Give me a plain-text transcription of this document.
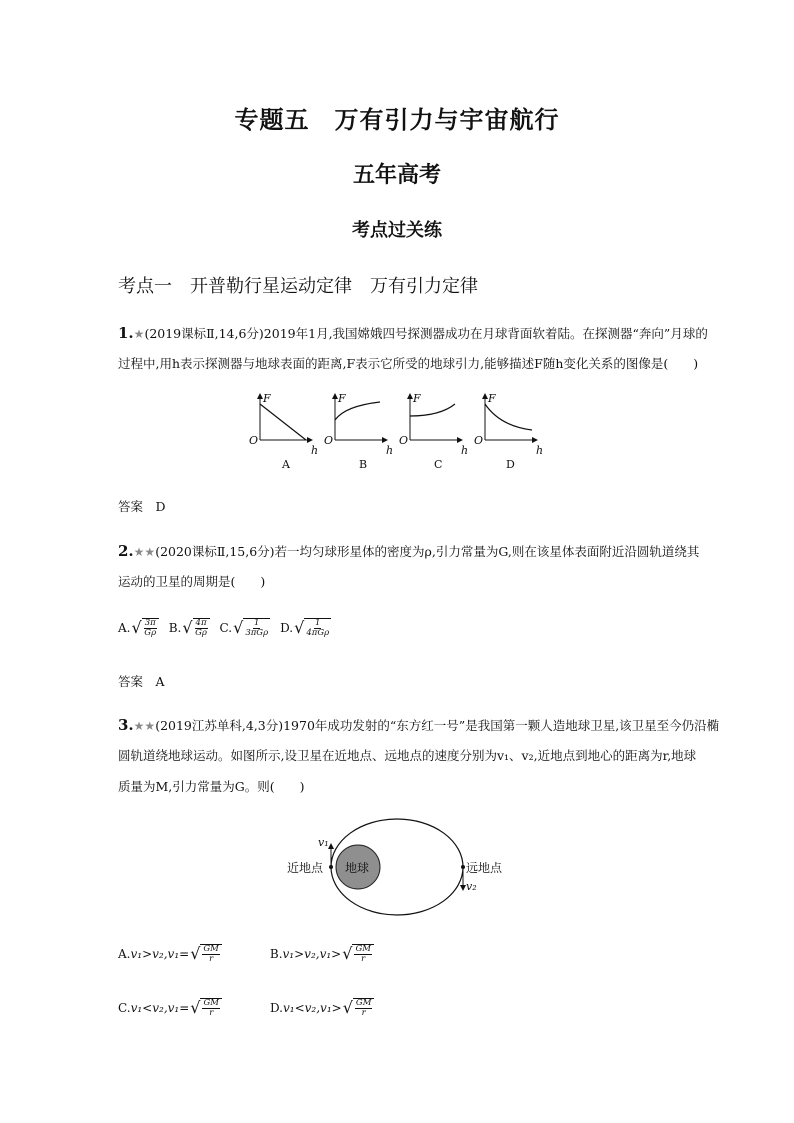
专题五　万有引力与宇宙航行
五年高考
考点过关练
考点一　开普勒行星运动定律　万有引力定律
1.★(2019课标Ⅱ,14,6分)2019年1月,我国嫦娥四号探测器成功在月球背面软着陆。在探测器“奔向”月球的
过程中,用h表示探测器与地球表面的距离,F表示它所受的地球引力,能够描述F随h变化关系的图像是(　　)
F
O
h
A
F
O
h
B
F
O
h
C
F
O
h
D
答案　D
2.★★(2020课标Ⅱ,15,6分)若一均匀球形星体的密度为ρ,引力常量为G,则在该星体表面附近沿圆轨道绕其
运动的卫星的周期是(　　)
A. √ $\frac{3\pi}{G\rho} B$. √ $\frac{4\pi}{G\rho} C$. √ $\frac{1}{\text{3πGρ}} D$. √ $\frac{1}{\text{4πGρ}}$
答案　A
3.★★(2019江苏单科,4,3分)1970年成功发射的“东方红一号”是我国第一颗人造地球卫星,该卫星至今仍沿椭
圆轨道绕地球运动。如图所示,设卫星在近地点、远地点的速度分别为v₁、v₂,近地点到地心的距离为r,地球
质量为M,引力常量为G。则(　　)
地球
近地点	远地点
v₁
v₂
A. v₁>v₂,v₁= √ $\frac{GM}{r}$	B. v₁>v₂,v₁> √ $\frac{GM}{r}$
C. v₁<v₂,v₁= √ $\frac{GM}{r}$	D. v₁<v₂,v₁> √ $\frac{GM}{r}$
